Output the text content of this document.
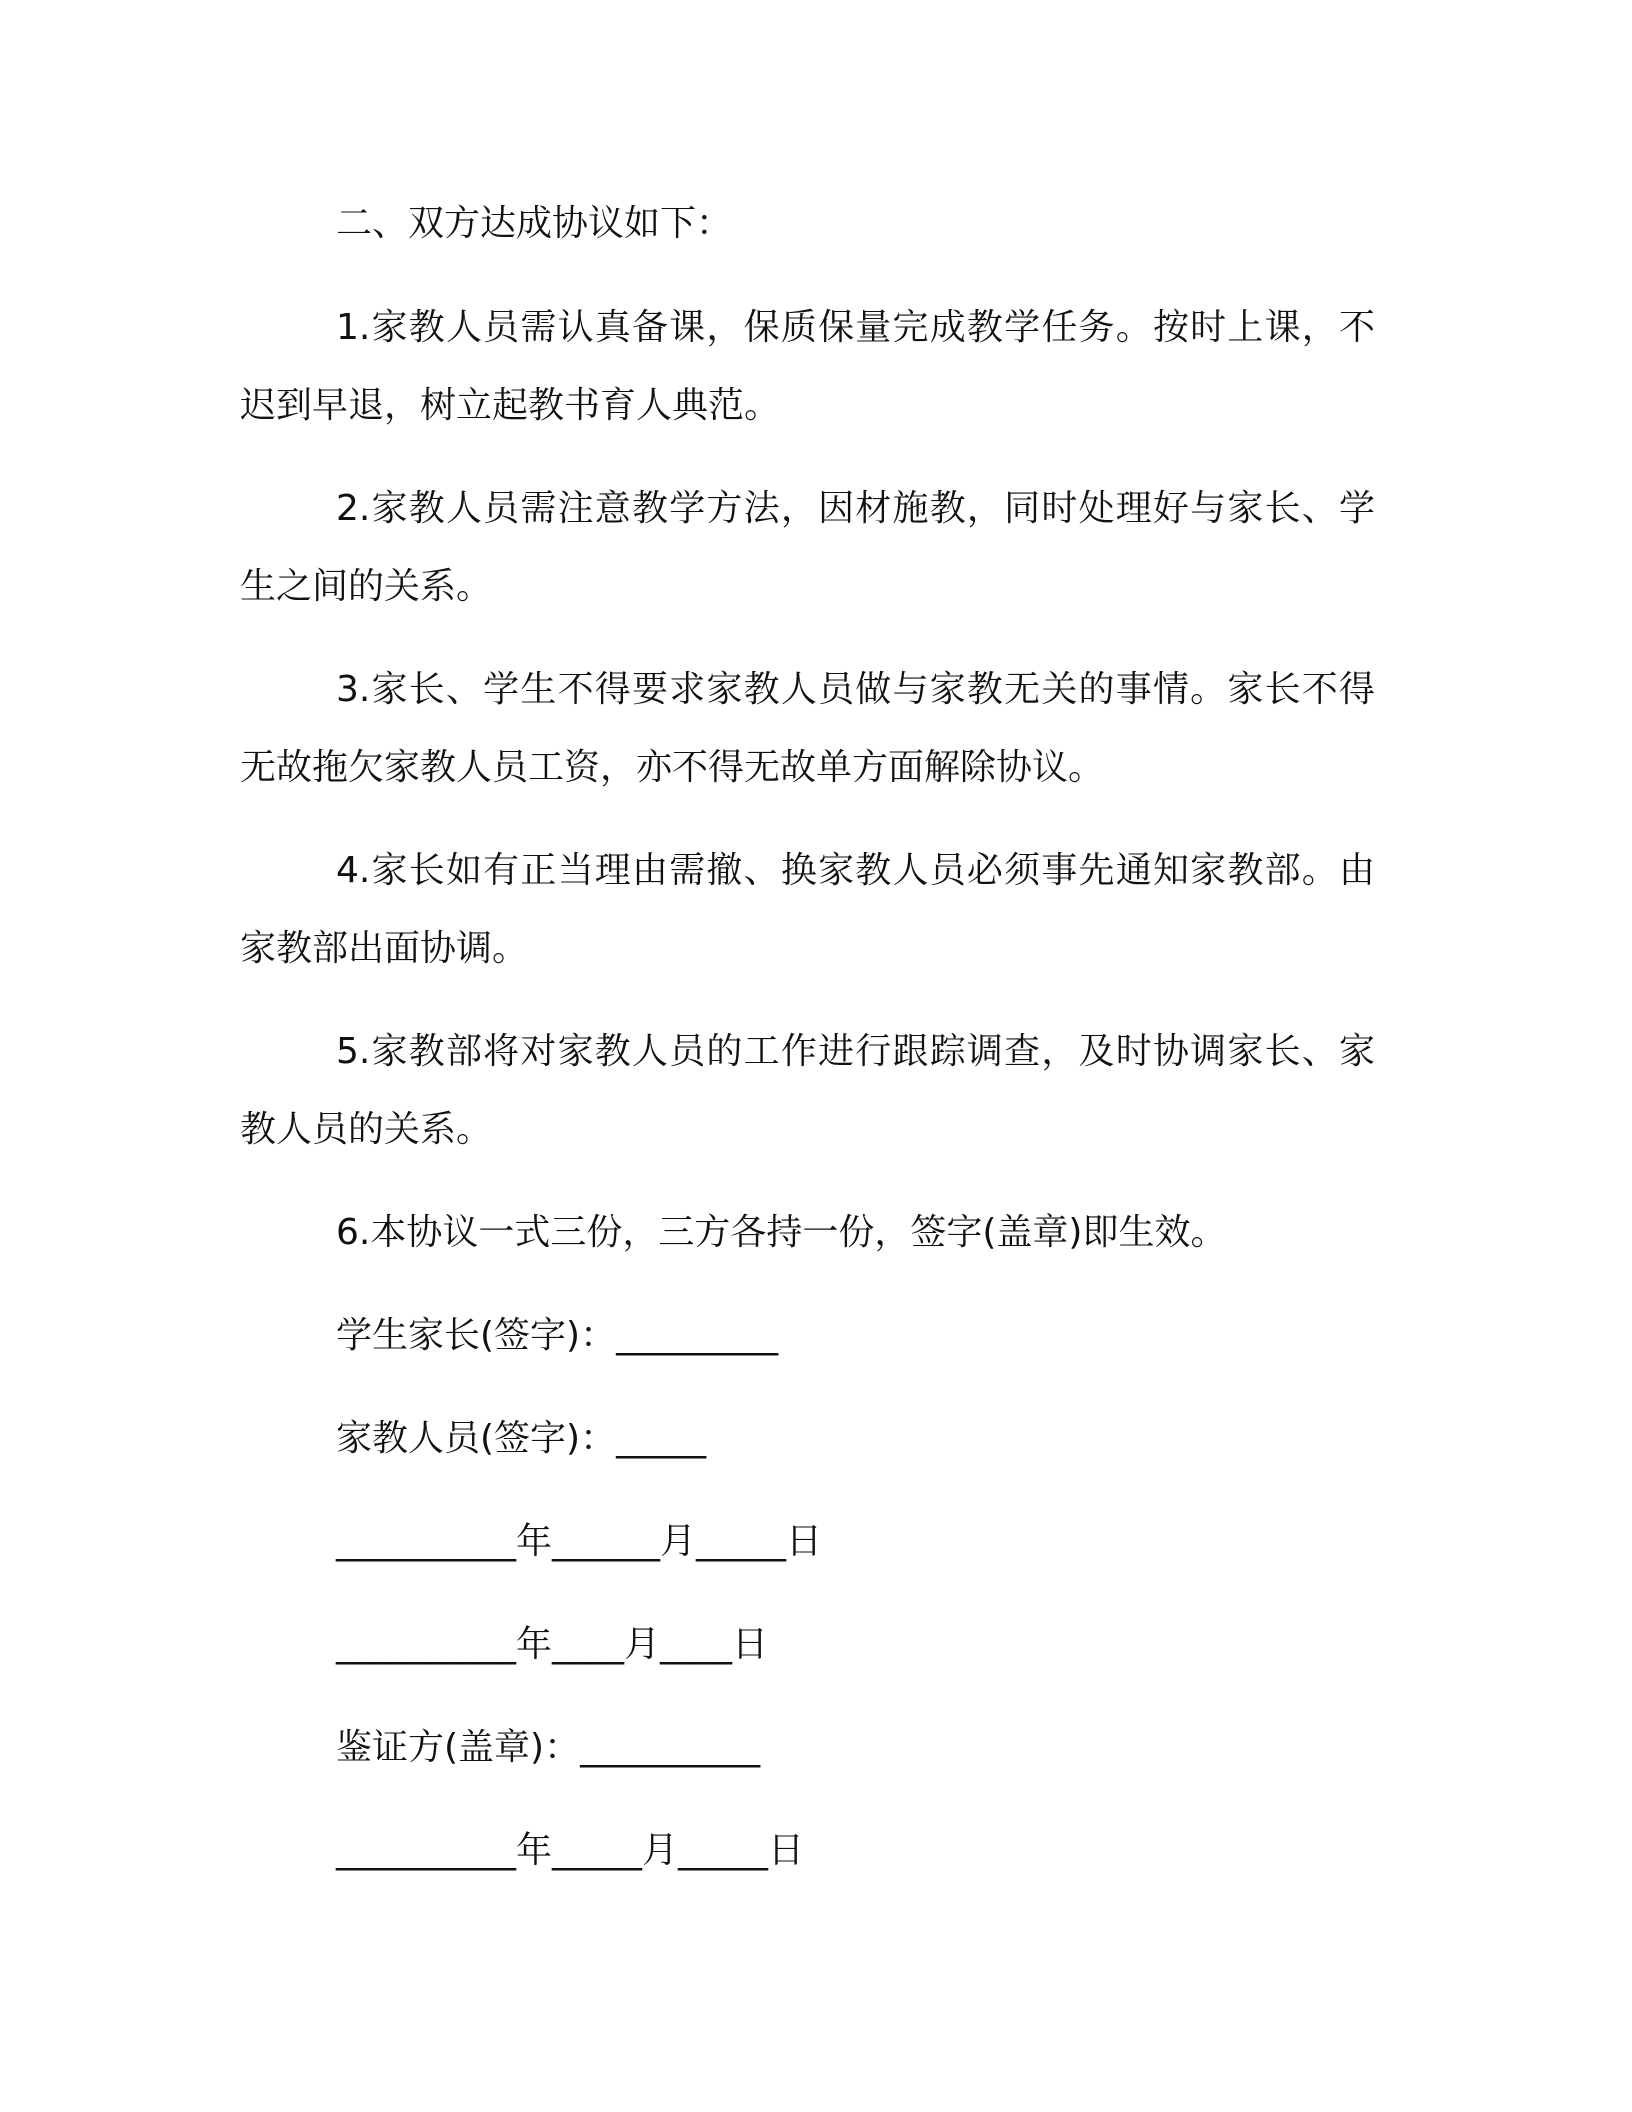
二、双方达成协议如下：

1.家教人员需认真备课，保质保量完成教学任务。按时上课，不迟到早退，树立起教书育人典范。

2.家教人员需注意教学方法，因材施教，同时处理好与家长、学生之间的关系。

3.家长、学生不得要求家教人员做与家教无关的事情。家长不得无故拖欠家教人员工资，亦不得无故单方面解除协议。

4.家长如有正当理由需撤、换家教人员必须事先通知家教部。由家教部出面协调。

5.家教部将对家教人员的工作进行跟踪调查，及时协调家长、家教人员的关系。

6.本协议一式三份，三方各持一份，签字(盖章)即生效。

学生家长(签字)：_________

家教人员(签字)：_____

__________年______月_____日

__________年____月____日

鉴证方(盖章)：__________

__________年_____月_____日
